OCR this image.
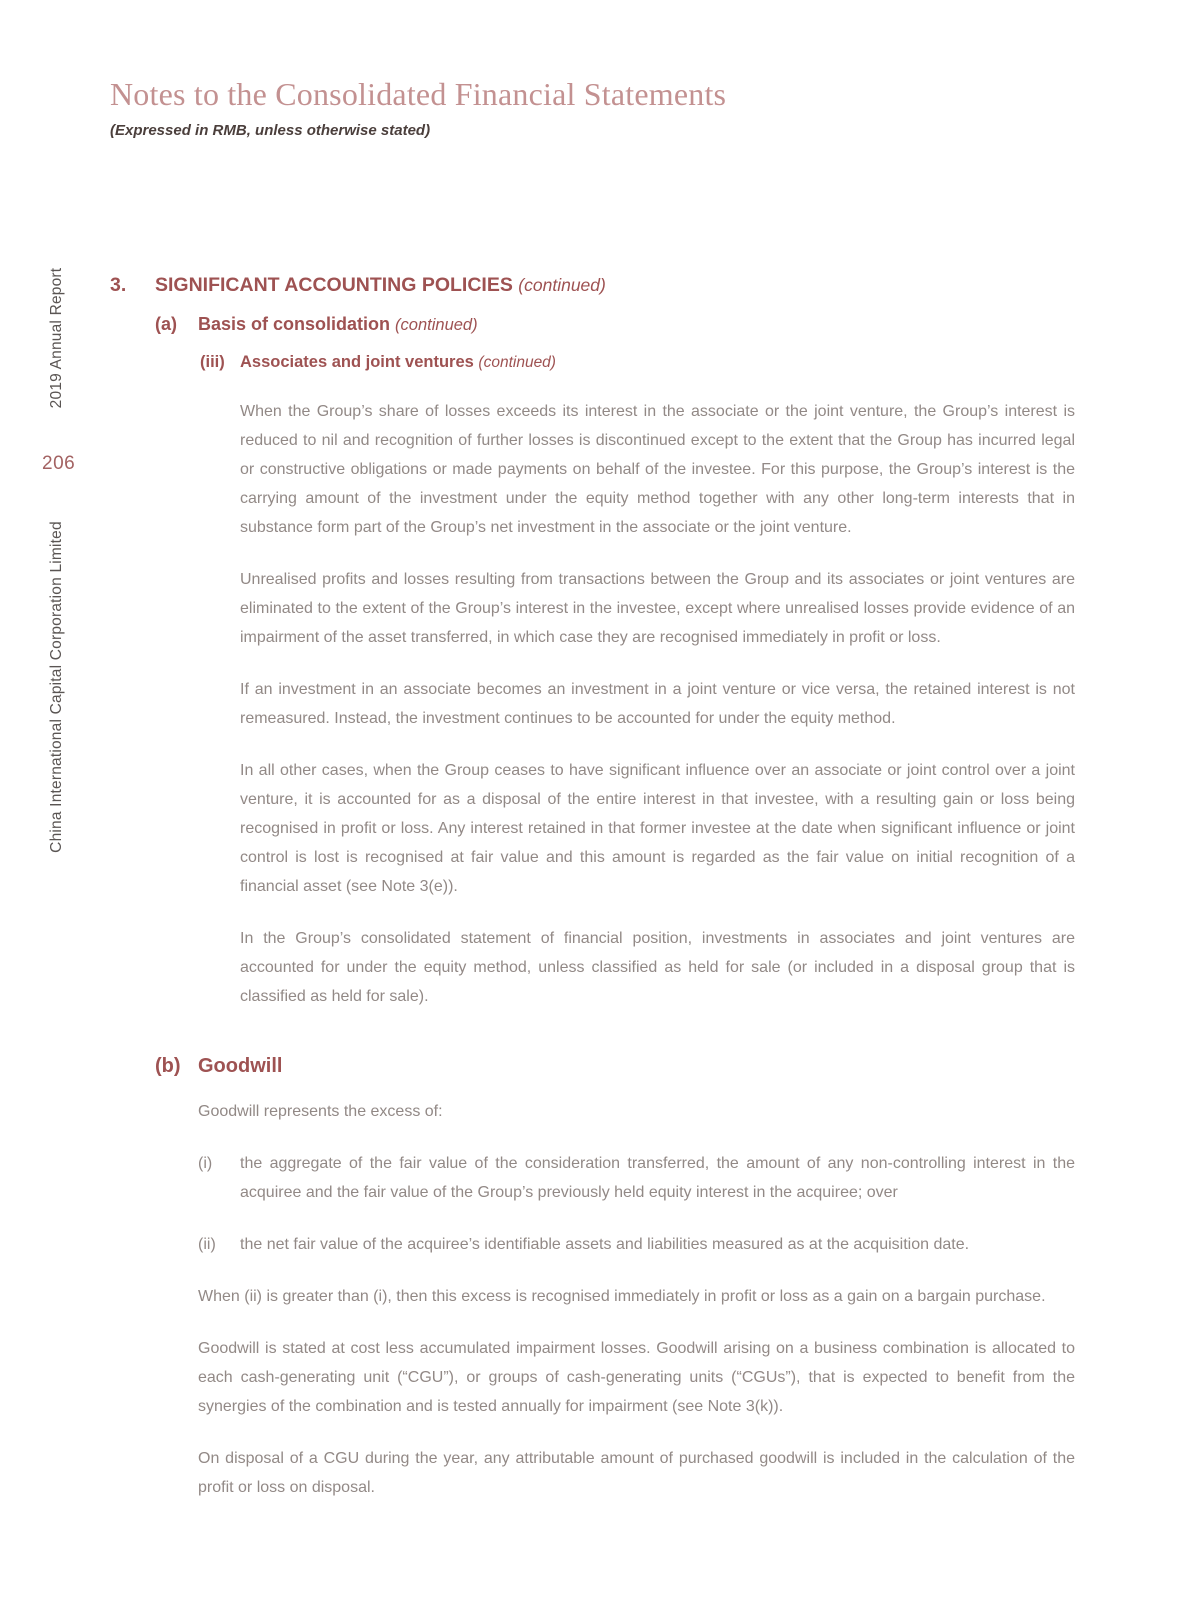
2019 Annual Report
206
China International Capital Corporation Limited
Notes to the Consolidated Financial Statements
(Expressed in RMB, unless otherwise stated)
3.	SIGNIFICANT ACCOUNTING POLICIES (continued)
(a)	Basis of consolidation (continued)
(iii) Associates and joint ventures (continued)

When the Group’s share of losses exceeds its interest in the associate or the joint venture, the Group’s interest is reduced to nil and recognition of further losses is discontinued except to the extent that the Group has incurred legal or constructive obligations or made payments on behalf of the investee. For this purpose, the Group’s interest is the carrying amount of the investment under the equity method together with any other long-term interests that in substance form part of the Group’s net investment in the associate or the joint venture.

Unrealised profits and losses resulting from transactions between the Group and its associates or joint ventures are eliminated to the extent of the Group’s interest in the investee, except where unrealised losses provide evidence of an impairment of the asset transferred, in which case they are recognised immediately in profit or loss.

If an investment in an associate becomes an investment in a joint venture or vice versa, the retained interest is not remeasured. Instead, the investment continues to be accounted for under the equity method.

In all other cases, when the Group ceases to have significant influence over an associate or joint control over a joint venture, it is accounted for as a disposal of the entire interest in that investee, with a resulting gain or loss being recognised in profit or loss. Any interest retained in that former investee at the date when significant influence or joint control is lost is recognised at fair value and this amount is regarded as the fair value on initial recognition of a financial asset (see Note 3(e)).

In the Group’s consolidated statement of financial position, investments in associates and joint ventures are accounted for under the equity method, unless classified as held for sale (or included in a disposal group that is classified as held for sale).

(b) Goodwill

Goodwill represents the excess of:

(i)	the aggregate of the fair value of the consideration transferred, the amount of any non-controlling interest in the acquiree and the fair value of the Group’s previously held equity interest in the acquiree; over
(ii)	the net fair value of the acquiree’s identifiable assets and liabilities measured as at the acquisition date.

When (ii) is greater than (i), then this excess is recognised immediately in profit or loss as a gain on a bargain purchase.

Goodwill is stated at cost less accumulated impairment losses. Goodwill arising on a business combination is allocated to each cash-generating unit (“CGU”), or groups of cash-generating units (“CGUs”), that is expected to benefit from the synergies of the combination and is tested annually for impairment (see Note 3(k)).

On disposal of a CGU during the year, any attributable amount of purchased goodwill is included in the calculation of the profit or loss on disposal.
